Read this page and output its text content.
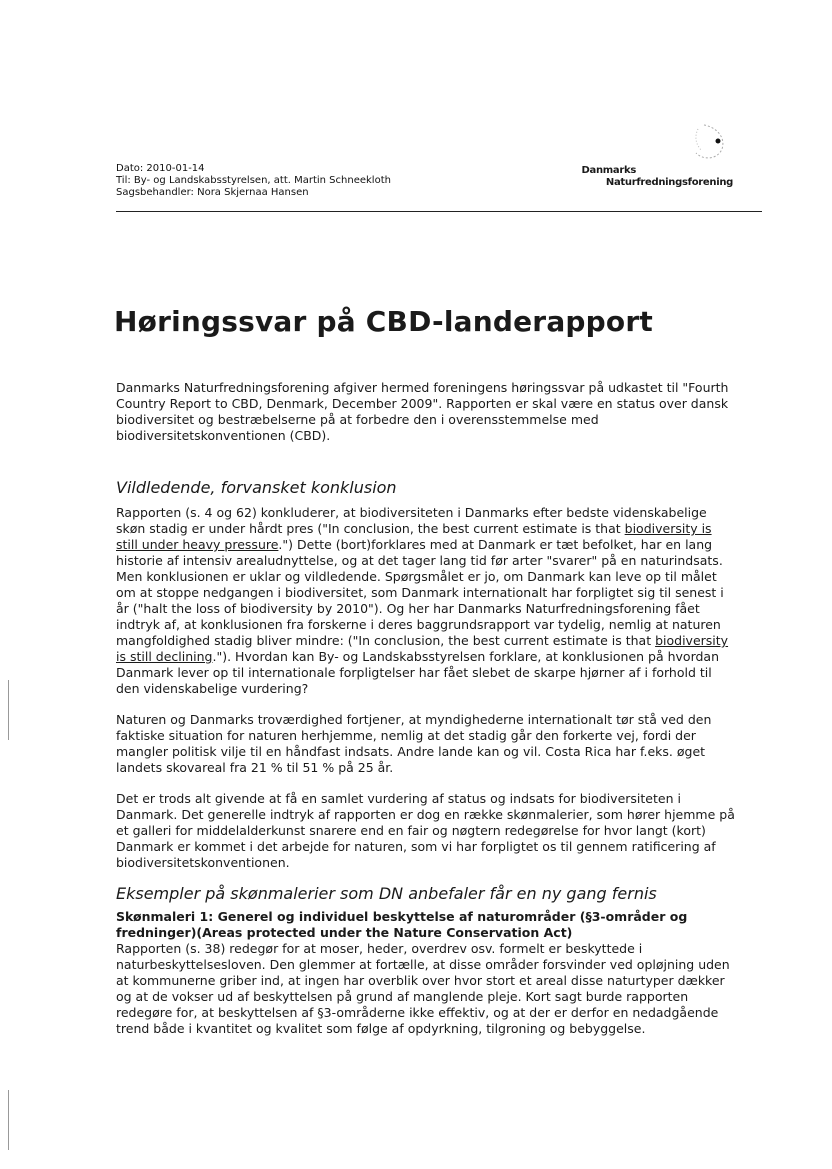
Dato: 2010-01-14
Til: By- og Landskabsstyrelsen, att. Martin Schneekloth
Sagsbehandler: Nora Skjernaa Hansen
Danmarks
Naturfredningsforening
Høringssvar på CBD-landerapport

Danmarks Naturfredningsforening afgiver hermed foreningens høringssvar på udkastet til "Fourth Country Report to CBD, Denmark, December 2009". Rapporten er skal være en status over dansk biodiversitet og bestræbelserne på at forbedre den i overensstemmelse med biodiversitetskonventionen (CBD).

Vildledende, forvansket konklusion

Rapporten (s. 4 og 62) konkluderer, at biodiversiteten i Danmarks efter bedste videnskabelige skøn stadig er under hårdt pres ("In conclusion, the best current estimate is that biodiversity is still under heavy pressure.") Dette (bort)forklares med at Danmark er tæt befolket, har en lang historie af intensiv arealudnyttelse, og at det tager lang tid før arter "svarer" på en naturindsats. Men konklusionen er uklar og vildledende. Spørgsmålet er jo, om Danmark kan leve op til målet om at stoppe nedgangen i biodiversitet, som Danmark internationalt har forpligtet sig til senest i år ("halt the loss of biodiversity by 2010"). Og her har Danmarks Naturfredningsforening fået indtryk af, at konklusionen fra forskerne i deres baggrundsrapport var tydelig, nemlig at naturen mangfoldighed stadig bliver mindre: ("In conclusion, the best current estimate is that biodiversity is still declining."). Hvordan kan By- og Landskabsstyrelsen forklare, at konklusionen på hvordan Danmark lever op til internationale forpligtelser har fået slebet de skarpe hjørner af i forhold til den videnskabelige vurdering?

Naturen og Danmarks troværdighed fortjener, at myndighederne internationalt tør stå ved den faktiske situation for naturen herhjemme, nemlig at det stadig går den forkerte vej, fordi der mangler politisk vilje til en håndfast indsats. Andre lande kan og vil. Costa Rica har f.eks. øget landets skovareal fra 21 % til 51 % på 25 år.

Det er trods alt givende at få en samlet vurdering af status og indsats for biodiversiteten i Danmark. Det generelle indtryk af rapporten er dog en række skønmalerier, som hører hjemme på et galleri for middelalderkunst snarere end en fair og nøgtern redegørelse for hvor langt (kort) Danmark er kommet i det arbejde for naturen, som vi har forpligtet os til gennem ratificering af biodiversitetskonventionen.

Eksempler på skønmalerier som DN anbefaler får en ny gang fernis
Skønmaleri 1: Generel og individuel beskyttelse af naturområder (§3-områder og fredninger)(Areas protected under the Nature Conservation Act)

Rapporten (s. 38) redegør for at moser, heder, overdrev osv. formelt er beskyttede i naturbeskyttelsesloven. Den glemmer at fortælle, at disse områder forsvinder ved opløjning uden at kommunerne griber ind, at ingen har overblik over hvor stort et areal disse naturtyper dækker og at de vokser ud af beskyttelsen på grund af manglende pleje. Kort sagt burde rapporten redegøre for, at beskyttelsen af §3-områderne ikke effektiv, og at der er derfor en nedadgående trend både i kvantitet og kvalitet som følge af opdyrkning, tilgroning og bebyggelse.
